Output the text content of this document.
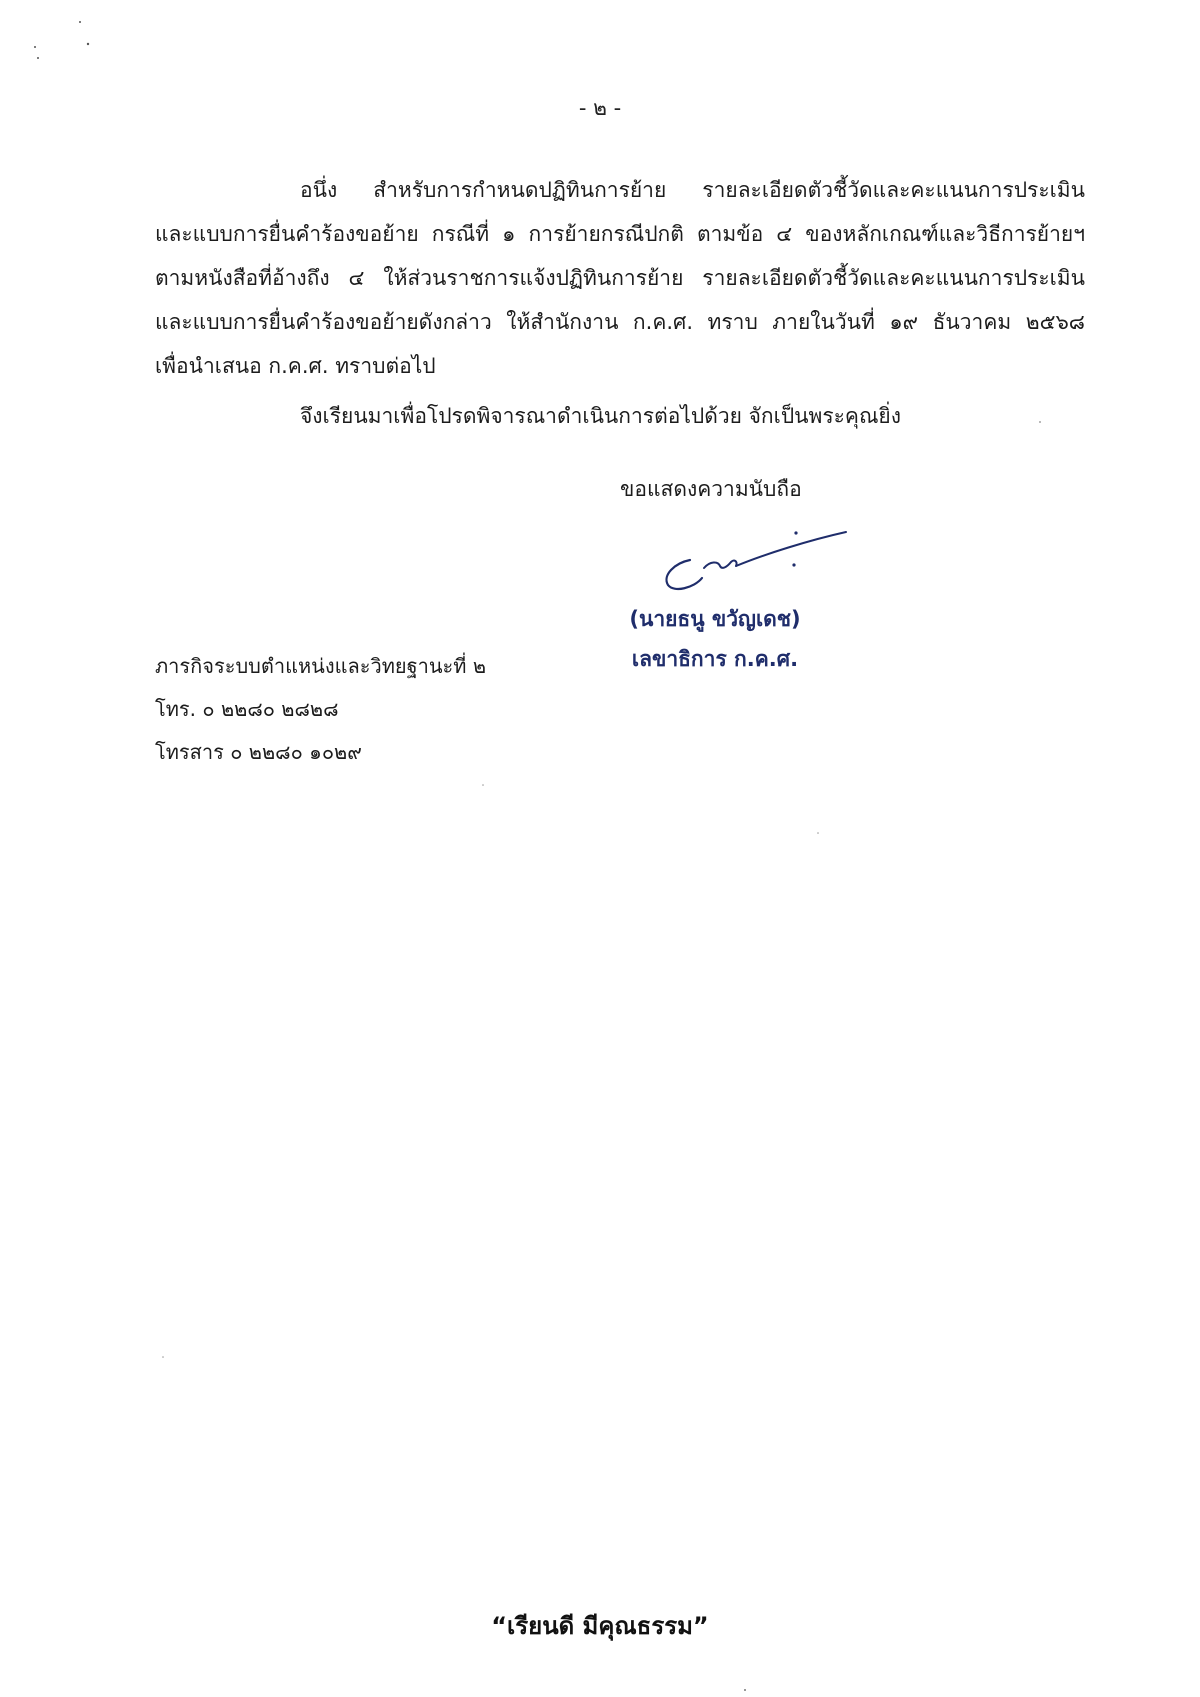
- ๒ -
อนึ่ง สำหรับการกำหนดปฏิทินการย้าย รายละเอียดตัวชี้วัดและคะแนนการประเมิน
และแบบการยื่นคำร้องขอย้าย กรณีที่ ๑ การย้ายกรณีปกติ ตามข้อ ๔ ของหลักเกณฑ์และวิธีการย้ายฯ
ตามหนังสือที่อ้างถึง ๔ ให้ส่วนราชการแจ้งปฏิทินการย้าย รายละเอียดตัวชี้วัดและคะแนนการประเมิน
และแบบการยื่นคำร้องขอย้ายดังกล่าว ให้สำนักงาน ก.ค.ศ. ทราบ ภายในวันที่ ๑๙ ธันวาคม ๒๕๖๘
เพื่อนำเสนอ ก.ค.ศ. ทราบต่อไป
จึงเรียนมาเพื่อโปรดพิจารณาดำเนินการต่อไปด้วย จักเป็นพระคุณยิ่ง
ขอแสดงความนับถือ
(นายธนู ขวัญเดช)
เลขาธิการ ก.ค.ศ.
ภารกิจระบบตำแหน่งและวิทยฐานะที่ ๒
โทร. ๐ ๒๒๘๐ ๒๘๒๘
โทรสาร ๐ ๒๒๘๐ ๑๐๒๙
“เรียนดี มีคุณธรรม”
